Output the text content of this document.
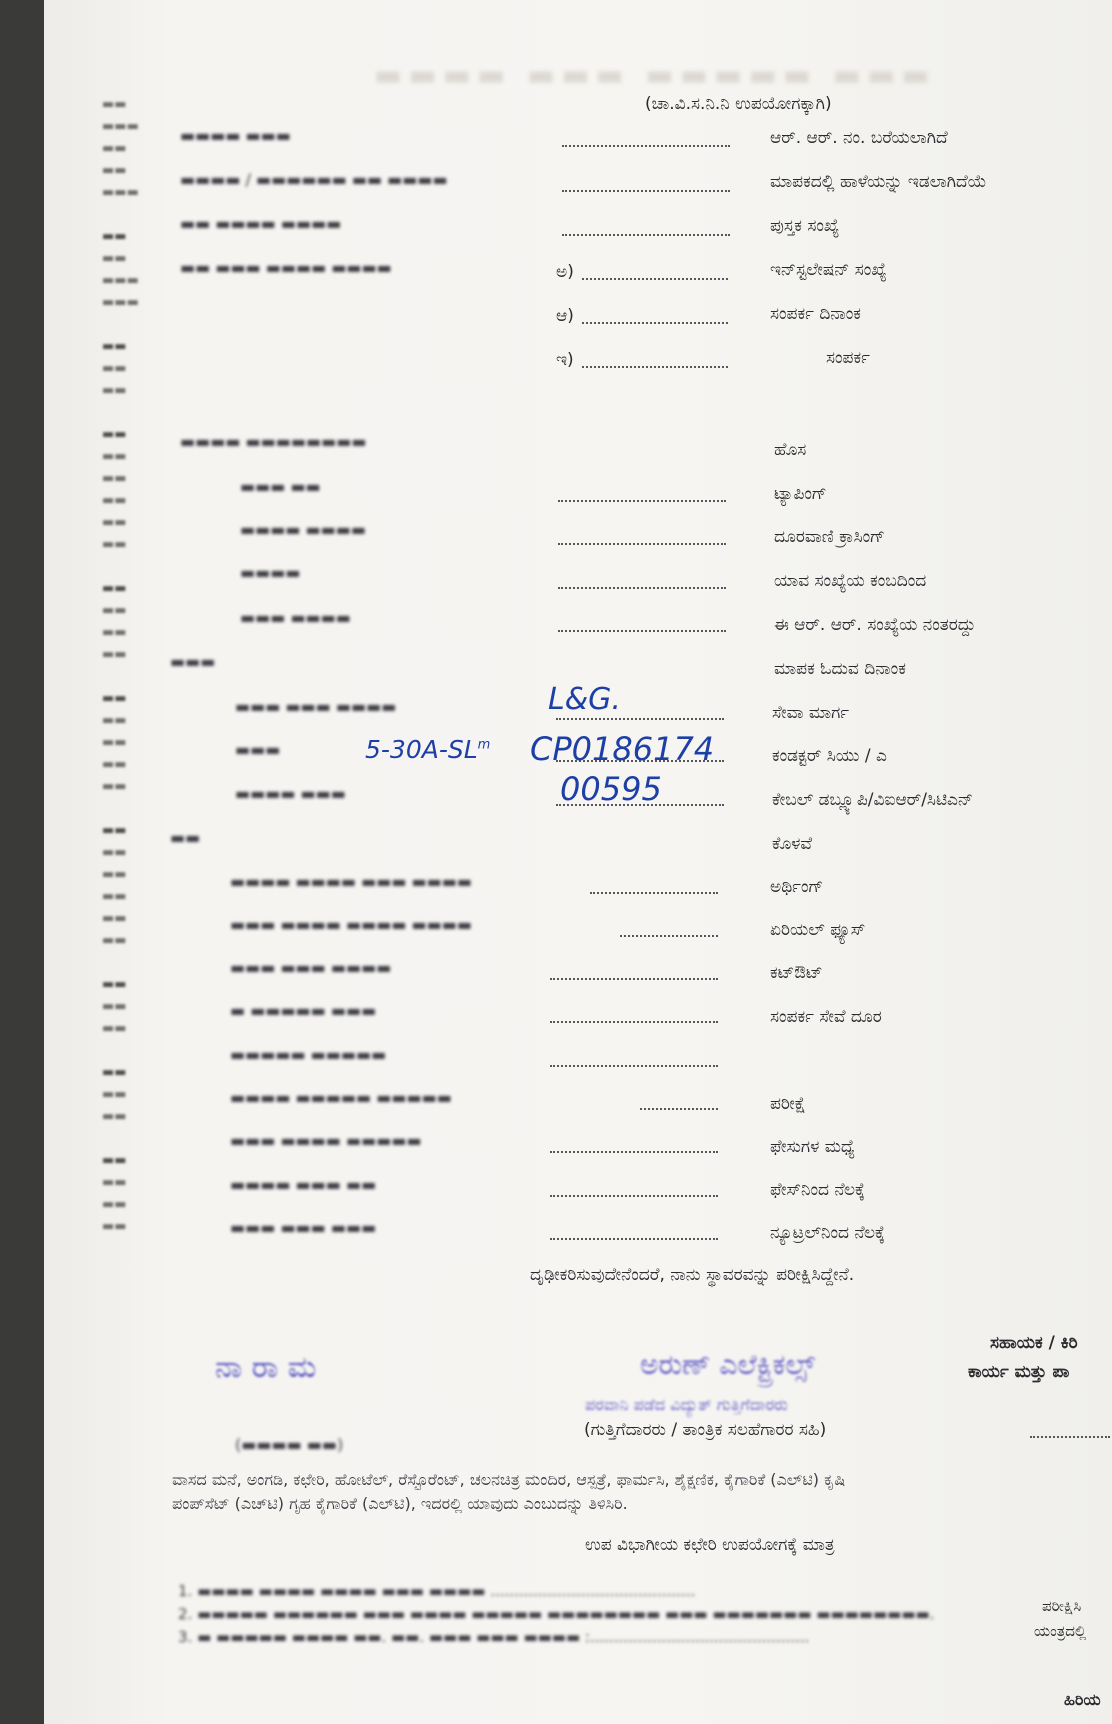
▬▬▬▬ ▬▬▬ ▬▬▬▬▬ ▬▬▬
▬▬
▬▬▬
▬▬
▬▬
▬▬▬

▬▬
▬▬
▬▬▬
▬▬▬

▬▬
▬▬
▬▬

▬▬
▬▬
▬▬
▬▬
▬▬
▬▬

▬▬
▬▬
▬▬
▬▬

▬▬
▬▬
▬▬
▬▬
▬▬

▬▬
▬▬
▬▬
▬▬
▬▬
▬▬

▬▬
▬▬
▬▬

▬▬
▬▬
▬▬

▬▬
▬▬
▬▬
▬▬
(ಚಾ.ವಿ.ಸ.ನಿ.ನಿ ಉಪಯೋಗಕ್ಕಾಗಿ)
▬▬▬▬ ▬▬▬
▬▬▬▬ / ▬▬▬▬▬▬ ▬▬ ▬▬▬▬
▬▬ ▬▬▬▬ ▬▬▬▬
▬▬ ▬▬▬ ▬▬▬▬ ▬▬▬▬
▬▬▬▬ ▬▬▬▬▬▬▬▬
▬▬▬ ▬▬
▬▬▬▬ ▬▬▬▬
▬▬▬▬
▬▬▬ ▬▬▬▬
▬▬▬
▬▬▬ ▬▬▬ ▬▬▬▬
▬▬▬
▬▬▬▬ ▬▬▬
▬▬
▬▬▬▬ ▬▬▬▬ ▬▬▬ ▬▬▬▬
▬▬▬ ▬▬▬▬ ▬▬▬▬ ▬▬▬▬
▬▬▬ ▬▬▬ ▬▬▬▬
▬ ▬▬▬▬▬ ▬▬▬
▬▬▬▬▬ ▬▬▬▬▬
▬▬▬▬ ▬▬▬▬▬ ▬▬▬▬▬
▬▬▬ ▬▬▬▬ ▬▬▬▬▬
▬▬▬▬ ▬▬▬ ▬▬
▬▬▬ ▬▬▬ ▬▬▬
ಅ)
ಆ)
ಇ)
ಆರ್. ಆರ್. ನಂ. ಬರೆಯಲಾಗಿದೆ
ಮಾಪಕದಲ್ಲಿ ಹಾಳೆಯನ್ನು ಇಡಲಾಗಿದೆಯೆ
ಪುಸ್ತಕ ಸಂಖ್ಯೆ
ಇನ್‌ಸ್ಟಲೇಷನ್ ಸಂಖ್ಯೆ
ಸಂಪರ್ಕ ದಿನಾಂಕ
ಸಂಪರ್ಕ
ಹೊಸ
ಟ್ಯಾಪಿಂಗ್
ದೂರವಾಣಿ ಕ್ರಾಸಿಂಗ್
ಯಾವ ಸಂಖ್ಯೆಯ ಕಂಬದಿಂದ
ಈ ಆರ್. ಆರ್. ಸಂಖ್ಯೆಯ ನಂತರದ್ದು
ಮಾಪಕ ಓದುವ ದಿನಾಂಕ
ಸೇವಾ ಮಾರ್ಗ
ಕಂಡಕ್ಟರ್ ಸಿಯು / ಎ
ಕೇಬಲ್ ಡಬ್ಲ್ಯೂಪಿ/ವಿಐಆರ್/ಸಿಟಿಎನ್
ಕೊಳವೆ
ಅರ್ಥಿಂಗ್
ಏರಿಯಲ್ ಫ್ಯೂಸ್
ಕಟ್‌ಔಟ್
ಸಂಪರ್ಕ ಸೇವೆ ದೂರ
ಪರೀಕ್ಷೆ
ಫೇಸುಗಳ ಮಧ್ಯೆ
ಫೇಸ್‌ನಿಂದ ನೆಲಕ್ಕೆ
ನ್ಯೂಟ್ರಲ್‌ನಿಂದ ನೆಲಕ್ಕೆ
L&G.
$5-30A-SL^m$ CP0186174
00595
ದೃಢೀಕರಿಸುವುದೇನೆಂದರೆ, ನಾನು ಸ್ಥಾವರವನ್ನು ಪರೀಕ್ಷಿಸಿದ್ದೇನೆ.
ನಾ ರಾ ಮ	ಅರುಣ್ ಎಲೆಕ್ಟ್ರಿಕಲ್ಸ್
ಪರವಾನಿ ಪಡೆದ ವಿದ್ಯುತ್ ಗುತ್ತಿಗೆದಾರರು
(▬▬▬▬ ▬▬)
(ಗುತ್ತಿಗೆದಾರರು / ತಾಂತ್ರಿಕ ಸಲಹೆಗಾರರ ಸಹಿ)
ಸಹಾಯಕ / ಕಿರಿ
ಕಾರ್ಯ ಮತ್ತು ಪಾ
ವಾಸದ ಮನೆ, ಅಂಗಡಿ, ಕಛೇರಿ, ಹೋಟೆಲ್, ರೆಸ್ಟೊರೆಂಟ್, ಚಲನಚಿತ್ರ ಮಂದಿರ, ಆಸ್ಪತ್ರೆ, ಫಾರ್ಮಸಿ, ಶೈಕ್ಷಣಿಕ, ಕೈಗಾರಿಕೆ (ಎಲ್‌ಟಿ) ಕೃಷಿ
ಪಂಪ್‌ಸೆಟ್ (ಎಚ್‌ಟಿ) ಗೃಹ ಕೈಗಾರಿಕೆ (ಎಲ್‌ಟಿ), ಇದರಲ್ಲಿ ಯಾವುದು ಎಂಬುದನ್ನು ತಿಳಿಸಿರಿ.
ಉಪ ವಿಭಾಗೀಯ ಕಛೇರಿ ಉಪಯೋಗಕ್ಕೆ ಮಾತ್ರ
1. ▬▬▬▬ ▬▬▬▬ ▬▬▬▬ ▬▬▬ ▬▬▬▬ ...........................................
2. ▬▬▬▬▬ ▬▬▬▬▬▬ ▬▬▬ ▬▬▬▬ ▬▬▬▬▬ ▬▬▬▬▬▬▬▬ ▬▬▬ ▬▬▬▬▬▬▬ ▬▬▬▬▬▬▬▬.
3. ▬ ▬▬▬▬▬ ▬▬▬▬ ▬▬. ▬▬. ▬▬▬ ▬▬▬ ▬▬▬▬ :..............................................
ಪರೀಕ್ಷಿಸಿ
ಯಂತ್ರದಲ್ಲಿ
ಹಿರಿಯ
